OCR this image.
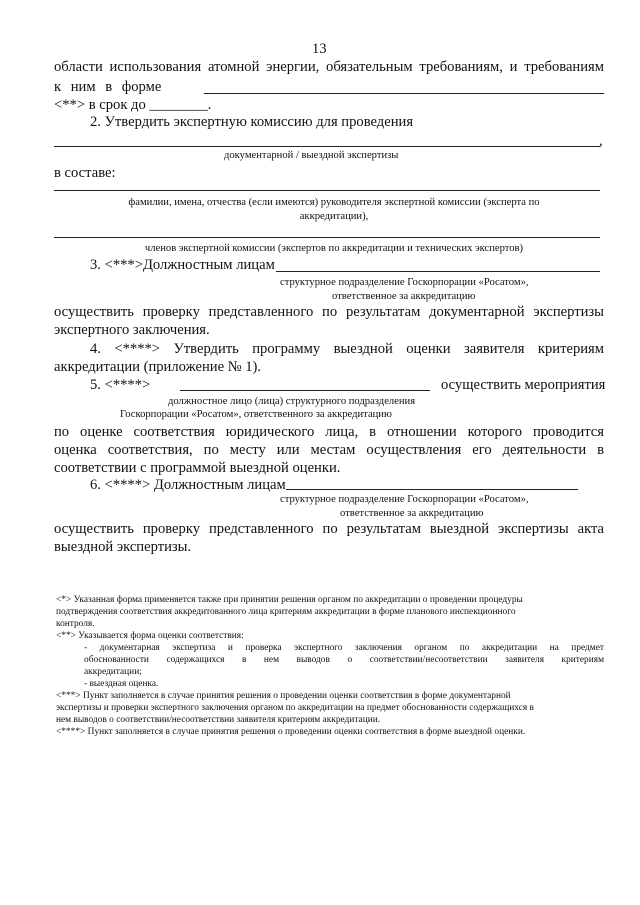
13
области использования атомной энергии, обязательным требованиям, и требованиям
к ним в форме
<**> в срок до ________.
2. Утвердить экспертную комиссию для проведения
,
документарной / выездной экспертизы
в составе:
фамилии, имена, отчества (если имеются) руководителя экспертной комиссии (эксперта по
аккредитации),
членов экспертной комиссии (экспертов по аккредитации и технических экспертов)
3. <***>Должностным лицам
структурное подразделение Госкорпорации «Росатом»,
ответственное за аккредитацию
осуществить проверку представленного по результатам документарной экспертизы
экспертного заключения.
4. <****> Утвердить программу выездной оценки заявителя критериям
аккредитации (приложение № 1).
5. <****>	осуществить мероприятия
должностное лицо (лица) структурного подразделения
Госкорпорации «Росатом», ответственного за аккредитацию
по оценке соответствия юридического лица, в отношении которого проводится
оценка соответствия, по месту или местам осуществления его деятельности в
соответствии с программой выездной оценки.
6. <****> Должностным лицам
структурное подразделение Госкорпорации «Росатом»,
ответственное за аккредитацию
осуществить проверку представленного по результатам выездной экспертизы акта
выездной экспертизы.
<*> Указанная форма применяется также при принятии решения органом по аккредитации о проведении процедуры
подтверждения соответствия аккредитованного лица критериям аккредитации в форме планового инспекционного
контроля.
<**> Указывается форма оценки соответствия:
- документарная экспертиза и проверка экспертного заключения органом по аккредитации на предмет
обоснованности содержащихся в нем выводов о соответствии/несоответствии заявителя критериям
аккредитации;
- выездная оценка.
<***> Пункт заполняется в случае принятия решения о проведении оценки соответствия в форме документарной
экспертизы и проверки экспертного заключения органом по аккредитации на предмет обоснованности содержащихся в
нем выводов о соответствии/несоответствии заявителя критериям аккредитации.
<****> Пункт заполняется в случае принятия решения о проведении оценки соответствия в форме выездной оценки.
